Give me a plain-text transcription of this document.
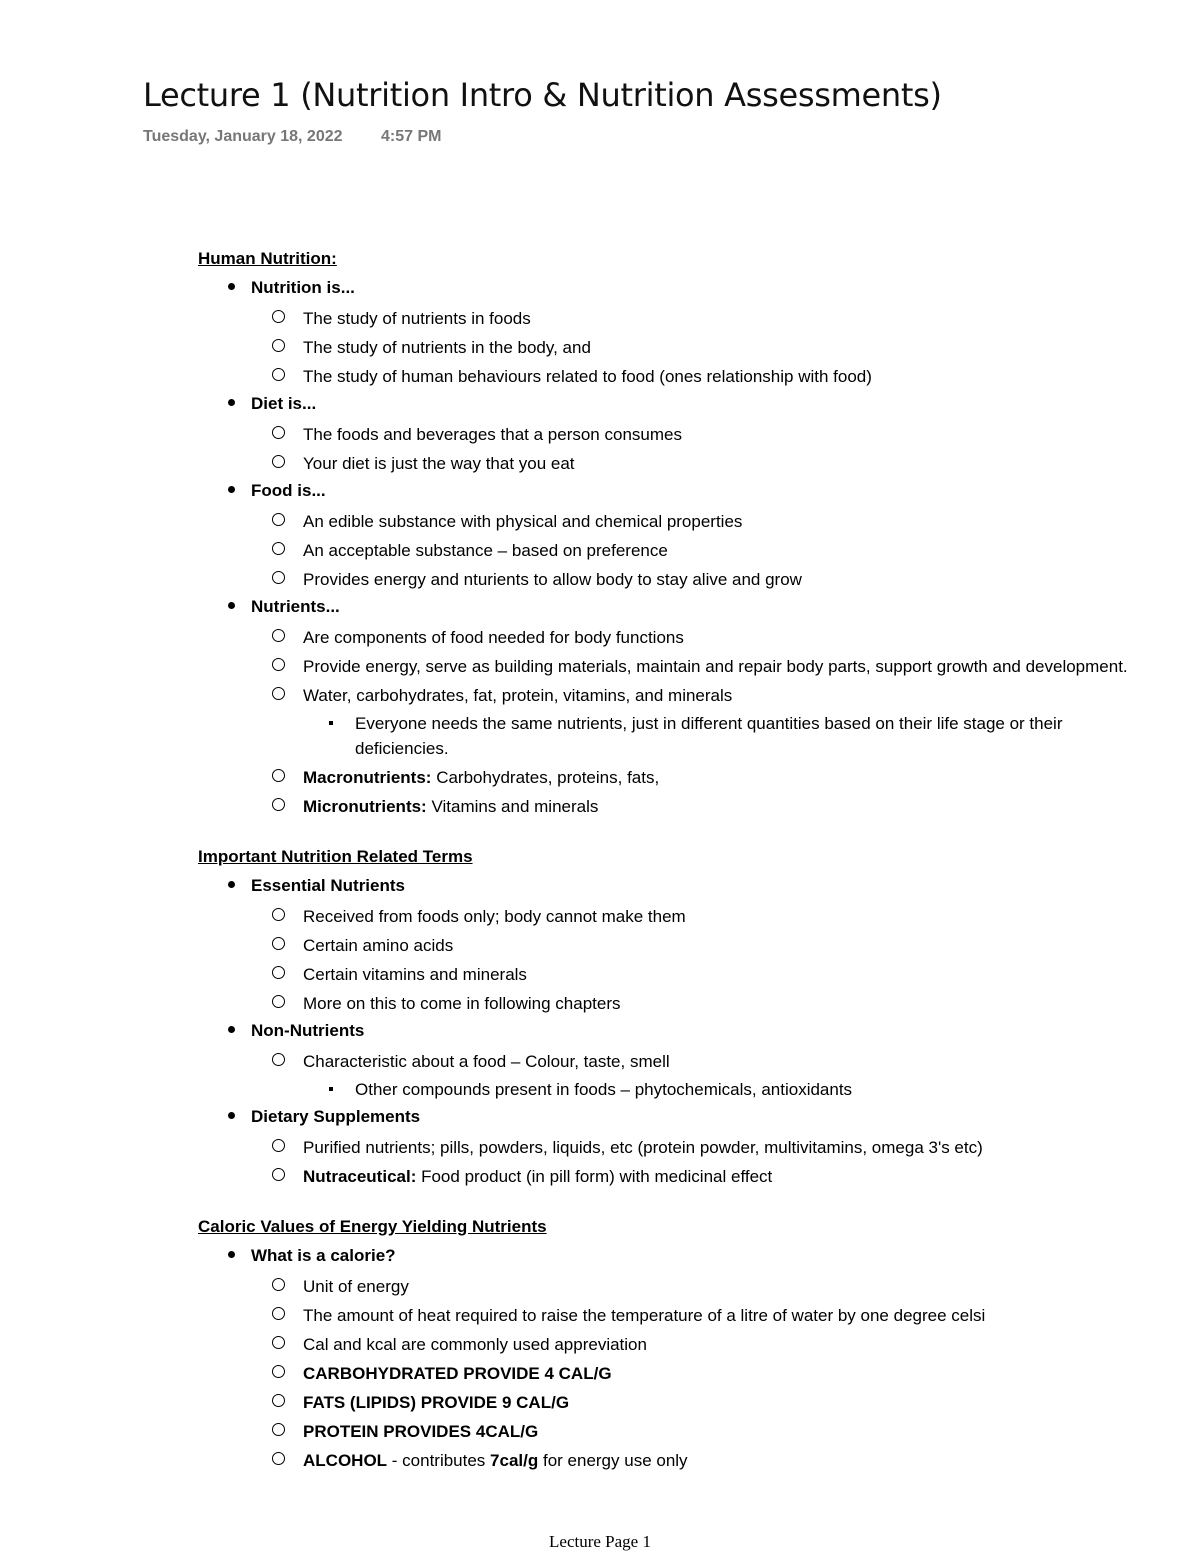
Lecture 1 (Nutrition Intro & Nutrition Assessments)
Tuesday, January 18, 2022 4:57 PM
Human Nutrition:
Nutrition is...
The study of nutrients in foods
The study of nutrients in the body, and
The study of human behaviours related to food (ones relationship with food)
Diet is...
The foods and beverages that a person consumes
Your diet is just the way that you eat
Food is...
An edible substance with physical and chemical properties
An acceptable substance – based on preference
Provides energy and nturients to allow body to stay alive and grow
Nutrients...
Are components of food needed for body functions
Provide energy, serve as building materials, maintain and repair body parts, support growth and development.
Water, carbohydrates, fat, protein, vitamins, and minerals
Everyone needs the same nutrients, just in different quantities based on their life stage or their deficiencies.
Macronutrients: Carbohydrates, proteins, fats,
Micronutrients: Vitamins and minerals
Important Nutrition Related Terms
Essential Nutrients
Received from foods only; body cannot make them
Certain amino acids
Certain vitamins and minerals
More on this to come in following chapters
Non-Nutrients
Characteristic about a food – Colour, taste, smell
Other compounds present in foods – phytochemicals, antioxidants
Dietary Supplements
Purified nutrients; pills, powders, liquids, etc (protein powder, multivitamins, omega 3's etc)
Nutraceutical: Food product (in pill form) with medicinal effect
Caloric Values of Energy Yielding Nutrients
What is a calorie?
Unit of energy
The amount of heat required to raise the temperature of a litre of water by one degree celsi
Cal and kcal are commonly used appreviation
CARBOHYDRATED PROVIDE 4 CAL/G
FATS (LIPIDS) PROVIDE 9 CAL/G
PROTEIN PROVIDES 4CAL/G
ALCOHOL - contributes 7cal/g for energy use only
Lecture Page 1
